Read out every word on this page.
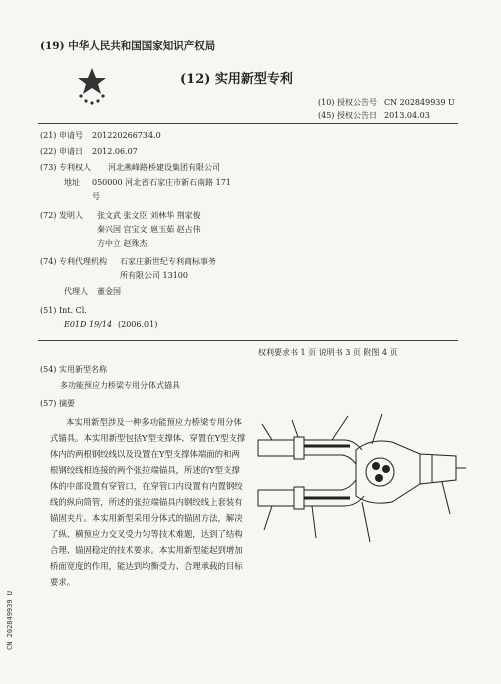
(19) 中华人民共和国国家知识产权局
(12) 实用新型专利
(10) 授权公告号 CN 202849939 U
(45) 授权公告日 2013.04.03
(21) 申请号 201220266734.0
(22) 申请日 2012.06.07
(73) 专利权人 河北燕峰路桥建设集团有限公司
地址 050000 河北省石家庄市新石南路 171
号
(72) 发明人 张文武 张文臣 刘林华 荆家俊
秦兴国 宫宝文 扈玉茹 赵占伟
方中立 赵殊杰
(74) 专利代理机构 石家庄新世纪专利商标事务
所有限公司 13100
代理人 董金国
(51) Int. Cl.
E01D 19/14 (2006.01)
权利要求书 1 页 说明书 3 页 附图 4 页
(54) 实用新型名称
多功能预应力桥梁专用分体式锚具
(57) 摘要
本实用新型涉及一种多功能预应力桥梁专用分体式锚具。本实用新型包括Y型支撑体、穿置在Y型支撑体内的两根钢绞线以及设置在Y型支撑体端面的和两根钢绞线相连接的两个张拉端锚具，所述的Y型支撑体的中部设置有穿管口，在穿管口内设置有内置钢绞线的纵向筒管，所述的张拉端锚具内钢绞线上套装有锚固夹片。本实用新型采用分体式的锚固方法，解决了纵、横预应力交叉受力匀等技术难题，达到了结构合理、锚固稳定的技术要求。本实用新型能起到增加桥面宽度的作用，能达到均衡受力、合理承载的目标要求。
CN 202849939 U
